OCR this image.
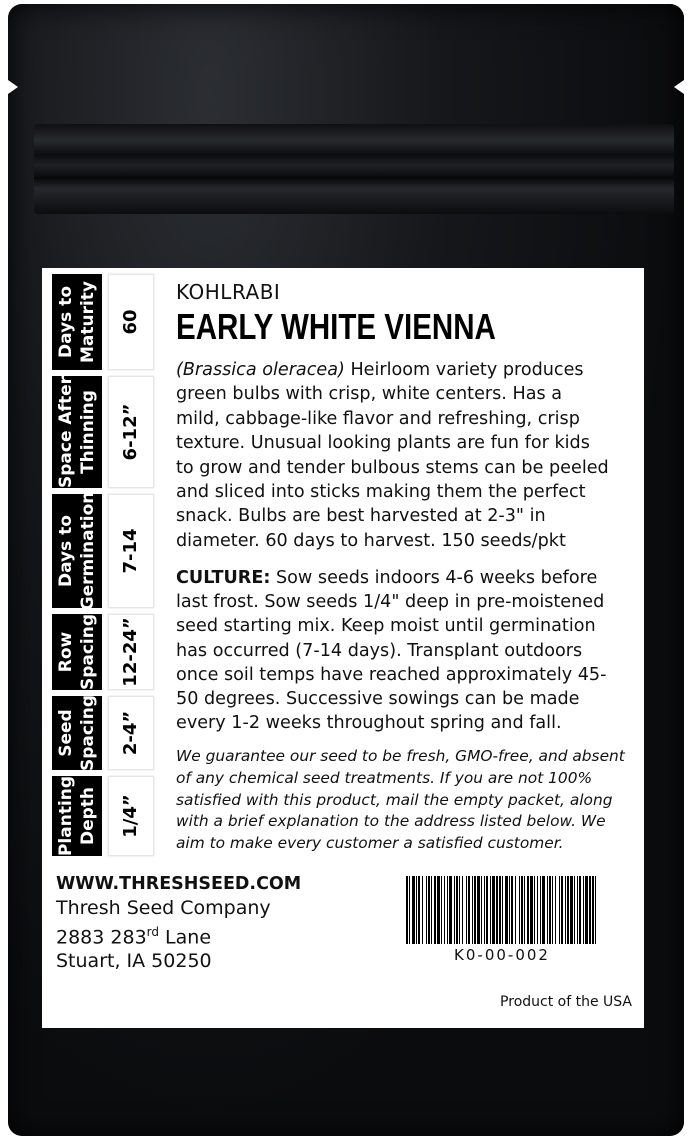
Days to Maturity 60
Space After Thinning 6-12”
Days to Germination 7-14
Row Spacing 12-24”
Seed Spacing 2-4”
Planting Depth 1/4”
KOHLRABI
EARLY WHITE VIENNA
(Brassica oleracea) Heirloom variety produces
green bulbs with crisp, white centers. Has a
mild, cabbage-like flavor and refreshing, crisp
texture. Unusual looking plants are fun for kids
to grow and tender bulbous stems can be peeled
and sliced into sticks making them the perfect
snack. Bulbs are best harvested at 2-3" in
diameter. 60 days to harvest. 150 seeds/pkt
CULTURE: Sow seeds indoors 4-6 weeks before
last frost. Sow seeds 1/4" deep in pre-moistened
seed starting mix. Keep moist until germination
has occurred (7-14 days). Transplant outdoors
once soil temps have reached approximately 45-
50 degrees. Successive sowings can be made
every 1-2 weeks throughout spring and fall.
We guarantee our seed to be fresh, GMO-free, and absent
of any chemical seed treatments. If you are not 100%
satisfied with this product, mail the empty packet, along
with a brief explanation to the address listed below. We
aim to make every customer a satisfied customer.
WWW.THRESHSEED.COM
Thresh Seed Company
2883 283rd Lane
Stuart, IA 50250	K0-00-002
Product of the USA
